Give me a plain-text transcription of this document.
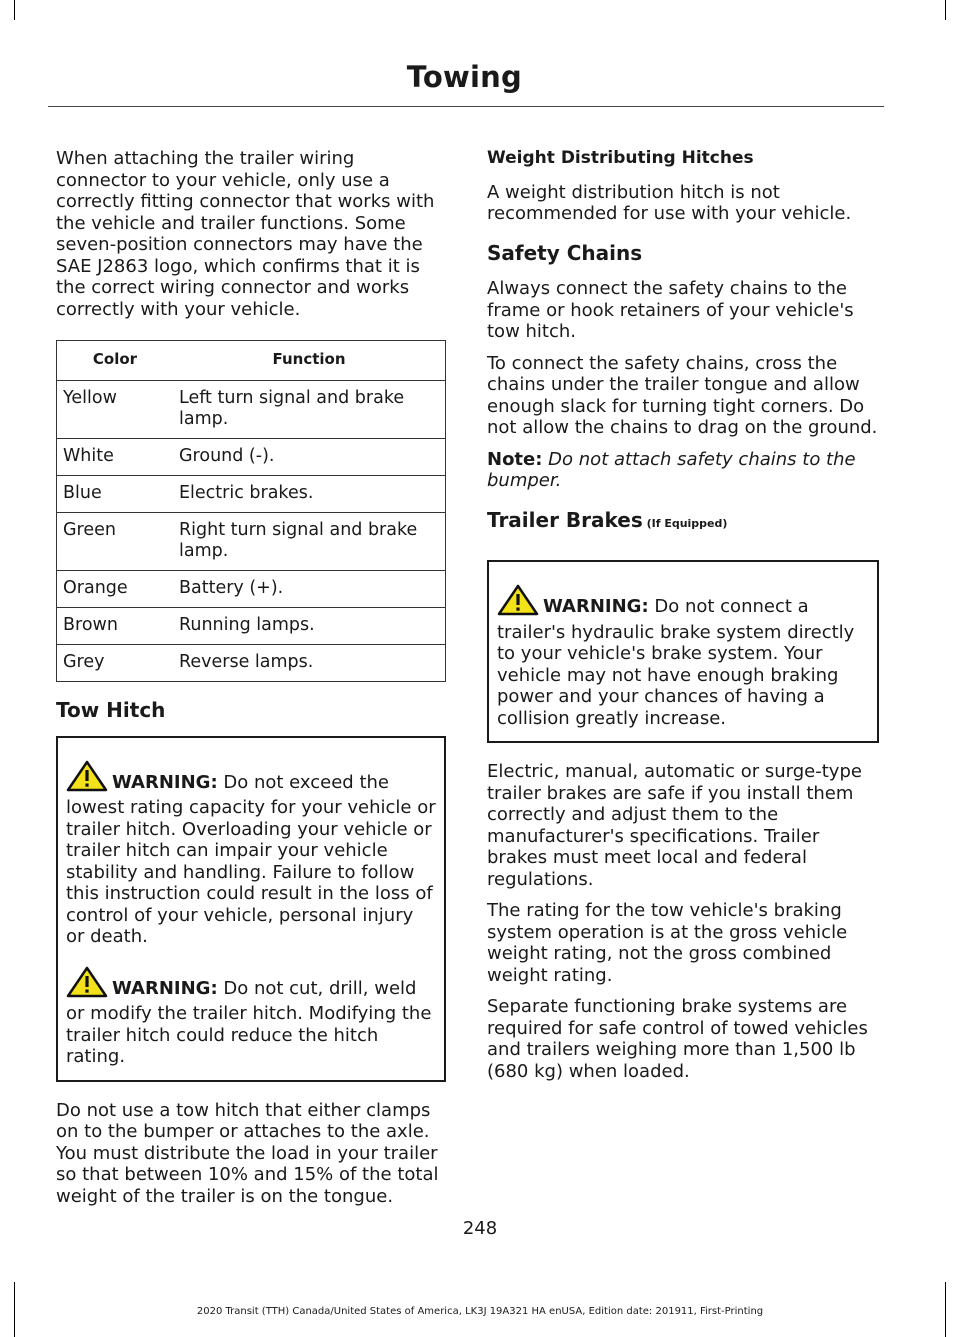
Towing

When attaching the trailer wiring connector to your vehicle, only use a correctly fitting connector that works with the vehicle and trailer functions. Some seven-position connectors may have the SAE J2863 logo, which confirms that it is the correct wiring connector and works correctly with your vehicle.

Color	Function
Yellow	Left turn signal and brake lamp.
White	Ground (-).
Blue	Electric brakes.
Green	Right turn signal and brake lamp.
Orange	Battery (+).
Brown	Running lamps.
Grey	Reverse lamps.
Tow Hitch

WARNING: Do not exceed the lowest rating capacity for your vehicle or trailer hitch. Overloading your vehicle or trailer hitch can impair your vehicle stability and handling. Failure to follow this instruction could result in the loss of control of your vehicle, personal injury or death.

WARNING: Do not cut, drill, weld or modify the trailer hitch. Modifying the trailer hitch could reduce the hitch rating.

Do not use a tow hitch that either clamps on to the bumper or attaches to the axle. You must distribute the load in your trailer so that between 10% and 15% of the total weight of the trailer is on the tongue.

Weight Distributing Hitches

A weight distribution hitch is not recommended for use with your vehicle.

Safety Chains

Always connect the safety chains to the frame or hook retainers of your vehicle's tow hitch.

To connect the safety chains, cross the chains under the trailer tongue and allow enough slack for turning tight corners. Do not allow the chains to drag on the ground.

Note: Do not attach safety chains to the bumper.

Trailer Brakes (If Equipped)

WARNING: Do not connect a trailer's hydraulic brake system directly to your vehicle's brake system. Your vehicle may not have enough braking power and your chances of having a collision greatly increase.

Electric, manual, automatic or surge-type trailer brakes are safe if you install them correctly and adjust them to the manufacturer's specifications. Trailer brakes must meet local and federal regulations.

The rating for the tow vehicle's braking system operation is at the gross vehicle weight rating, not the gross combined weight rating.

Separate functioning brake systems are required for safe control of towed vehicles and trailers weighing more than 1,500 lb (680 kg) when loaded.

248
2020 Transit (TTH) Canada/United States of America, LK3J 19A321 HA enUSA, Edition date: 201911, First-Printing
